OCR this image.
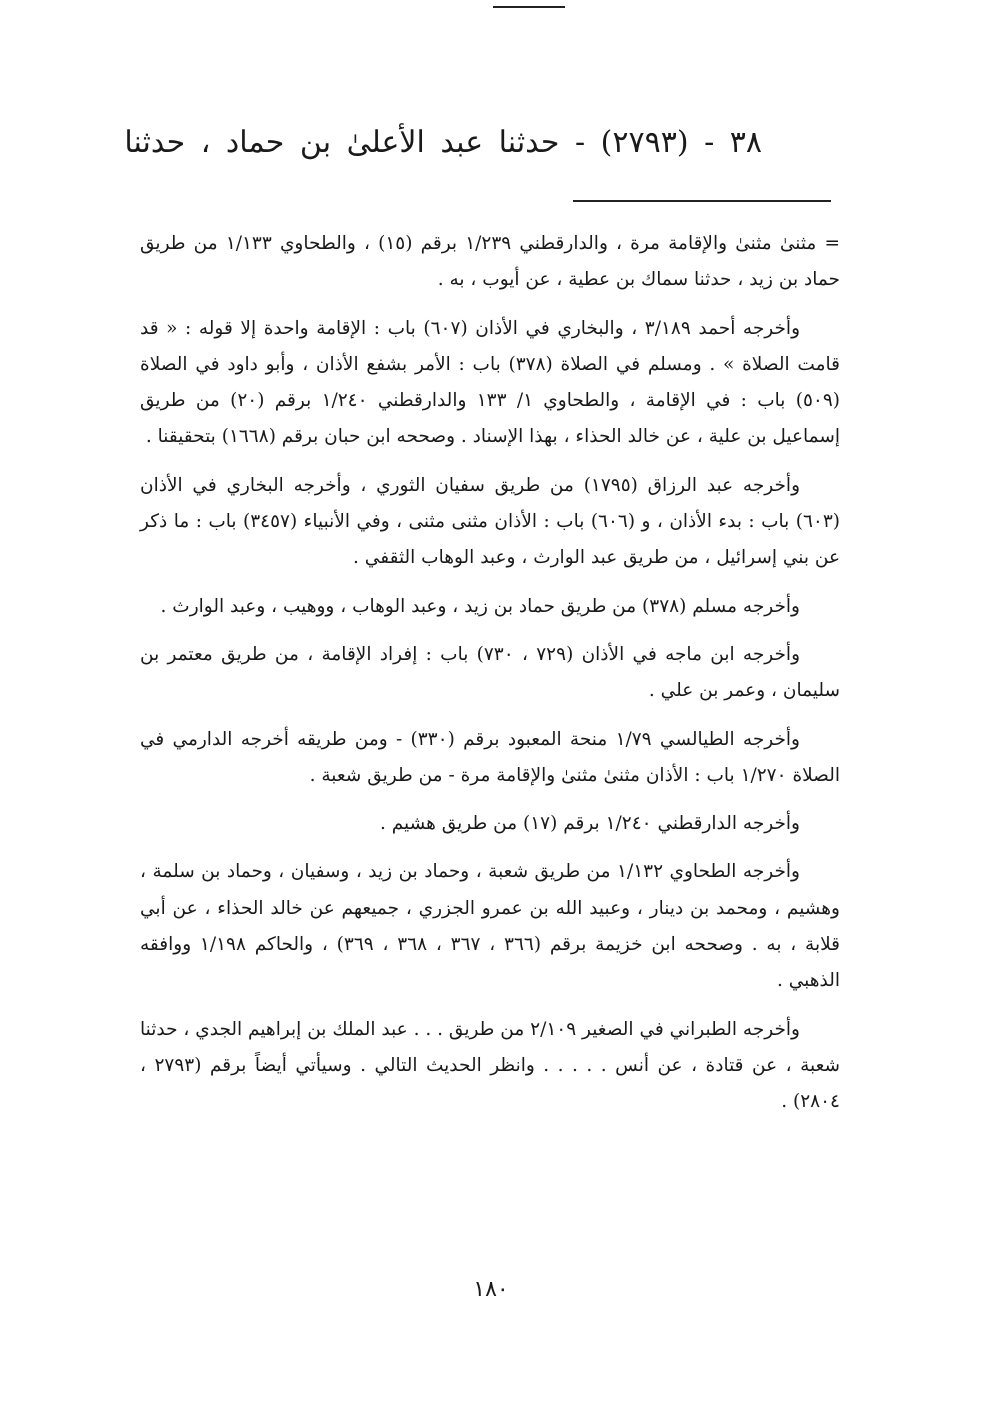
٣٨ - (٢٧٩٣) - حدثنا عبد الأعلىٰ بن حماد ، حدثنا

= مثنىٰ مثنىٰ والإقامة مرة ، والدارقطني ١/٢٣٩ برقم (١٥) ، والطحاوي ١/١٣٣ من طريق حماد بن زيد ، حدثنا سماك بن عطية ، عن أيوب ، به .

وأخرجه أحمد ٣/١٨٩ ، والبخاري في الأذان (٦٠٧) باب : الإقامة واحدة إلا قوله : « قد قامت الصلاة » . ومسلم في الصلاة (٣٧٨) باب : الأمر بشفع الأذان ، وأبو داود في الصلاة (٥٠٩) باب : في الإقامة ، والطحاوي ١/ ١٣٣ والدارقطني ١/٢٤٠ برقم (٢٠) من طريق إسماعيل بن علية ، عن خالد الحذاء ، بهذا الإسناد . وصححه ابن حبان برقم (١٦٦٨) بتحقيقنا .

وأخرجه عبد الرزاق (١٧٩٥) من طريق سفيان الثوري ، وأخرجه البخاري في الأذان (٦٠٣) باب : بدء الأذان ، و (٦٠٦) باب : الأذان مثنى مثنى ، وفي الأنبياء (٣٤٥٧) باب : ما ذكر عن بني إسرائيل ، من طريق عبد الوارث ، وعبد الوهاب الثقفي .

وأخرجه مسلم (٣٧٨) من طريق حماد بن زيد ، وعبد الوهاب ، ووهيب ، وعبد الوارث .

وأخرجه ابن ماجه في الأذان (٧٢٩ ، ٧٣٠) باب : إفراد الإقامة ، من طريق معتمر بن سليمان ، وعمر بن علي .

وأخرجه الطيالسي ١/٧٩ منحة المعبود برقم (٣٣٠) - ومن طريقه أخرجه الدارمي في الصلاة ١/٢٧٠ باب : الأذان مثنىٰ مثنىٰ والإقامة مرة - من طريق شعبة .

وأخرجه الدارقطني ١/٢٤٠ برقم (١٧) من طريق هشيم .

وأخرجه الطحاوي ١/١٣٢ من طريق شعبة ، وحماد بن زيد ، وسفيان ، وحماد بن سلمة ، وهشيم ، ومحمد بن دينار ، وعبيد الله بن عمرو الجزري ، جميعهم عن خالد الحذاء ، عن أبي قلابة ، به . وصححه ابن خزيمة برقم (٣٦٦ ، ٣٦٧ ، ٣٦٨ ، ٣٦٩) ، والحاكم ١/١٩٨ ووافقه الذهبي .

وأخرجه الطبراني في الصغير ٢/١٠٩ من طريق . . . عبد الملك بن إبراهيم الجدي ، حدثنا شعبة ، عن قتادة ، عن أنس . . . . . وانظر الحديث التالي . وسيأتي أيضاً برقم (٢٧٩٣ ، ٢٨٠٤) .

١٨٠
